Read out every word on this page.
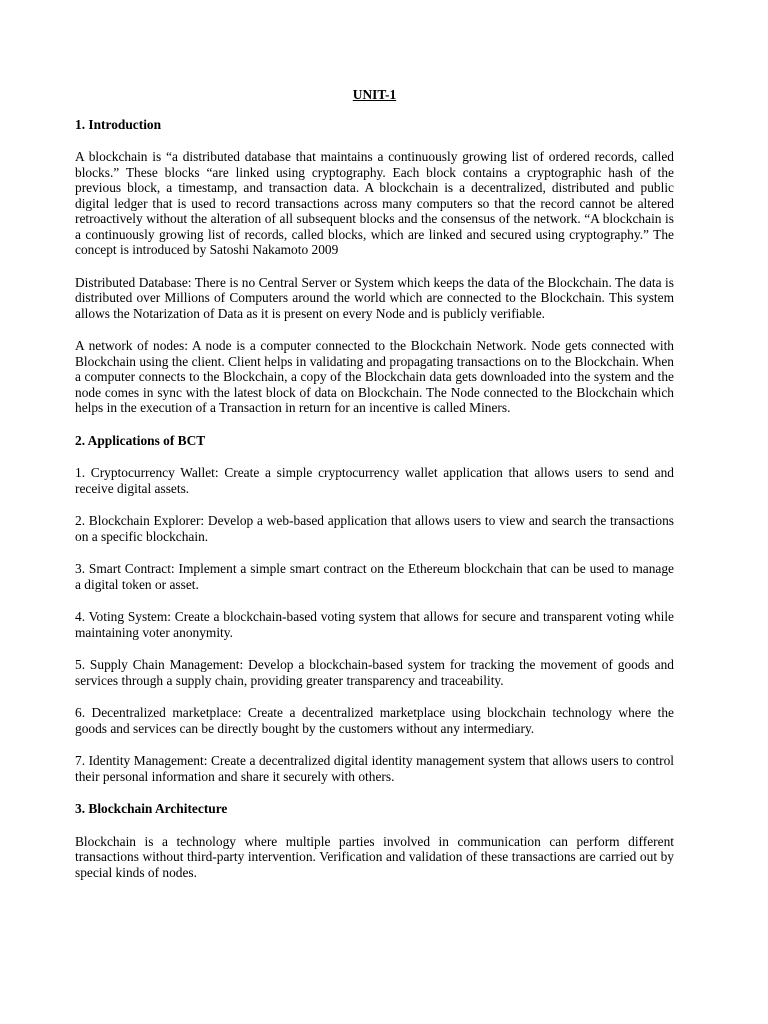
UNIT-1
1. Introduction
A blockchain is “a distributed database that maintains a continuously growing list of ordered records, called blocks.” These blocks “are linked using cryptography. Each block contains a cryptographic hash of the previous block, a timestamp, and transaction data. A blockchain is a decentralized, distributed and public digital ledger that is used to record transactions across many computers so that the record cannot be altered retroactively without the alteration of all subsequent blocks and the consensus of the network. “A blockchain is a continuously growing list of records, called blocks, which are linked and secured using cryptography.” The concept is introduced by Satoshi Nakamoto 2009
Distributed Database: There is no Central Server or System which keeps the data of the Blockchain. The data is distributed over Millions of Computers around the world which are connected to the Blockchain. This system allows the Notarization of Data as it is present on every Node and is publicly verifiable.
A network of nodes: A node is a computer connected to the Blockchain Network. Node gets connected with Blockchain using the client. Client helps in validating and propagating transactions on to the Blockchain. When a computer connects to the Blockchain, a copy of the Blockchain data gets downloaded into the system and the node comes in sync with the latest block of data on Blockchain. The Node connected to the Blockchain which helps in the execution of a Transaction in return for an incentive is called Miners.
2. Applications of BCT
1. Cryptocurrency Wallet: Create a simple cryptocurrency wallet application that allows users to send and receive digital assets.
2. Blockchain Explorer: Develop a web-based application that allows users to view and search the transactions on a specific blockchain.
3. Smart Contract: Implement a simple smart contract on the Ethereum blockchain that can be used to manage a digital token or asset.
4. Voting System: Create a blockchain-based voting system that allows for secure and transparent voting while maintaining voter anonymity.
5. Supply Chain Management: Develop a blockchain-based system for tracking the movement of goods and services through a supply chain, providing greater transparency and traceability.
6. Decentralized marketplace: Create a decentralized marketplace using blockchain technology where the goods and services can be directly bought by the customers without any intermediary.
7. Identity Management: Create a decentralized digital identity management system that allows users to control their personal information and share it securely with others.
3. Blockchain Architecture
Blockchain is a technology where multiple parties involved in communication can perform different transactions without third-party intervention. Verification and validation of these transactions are carried out by special kinds of nodes.
